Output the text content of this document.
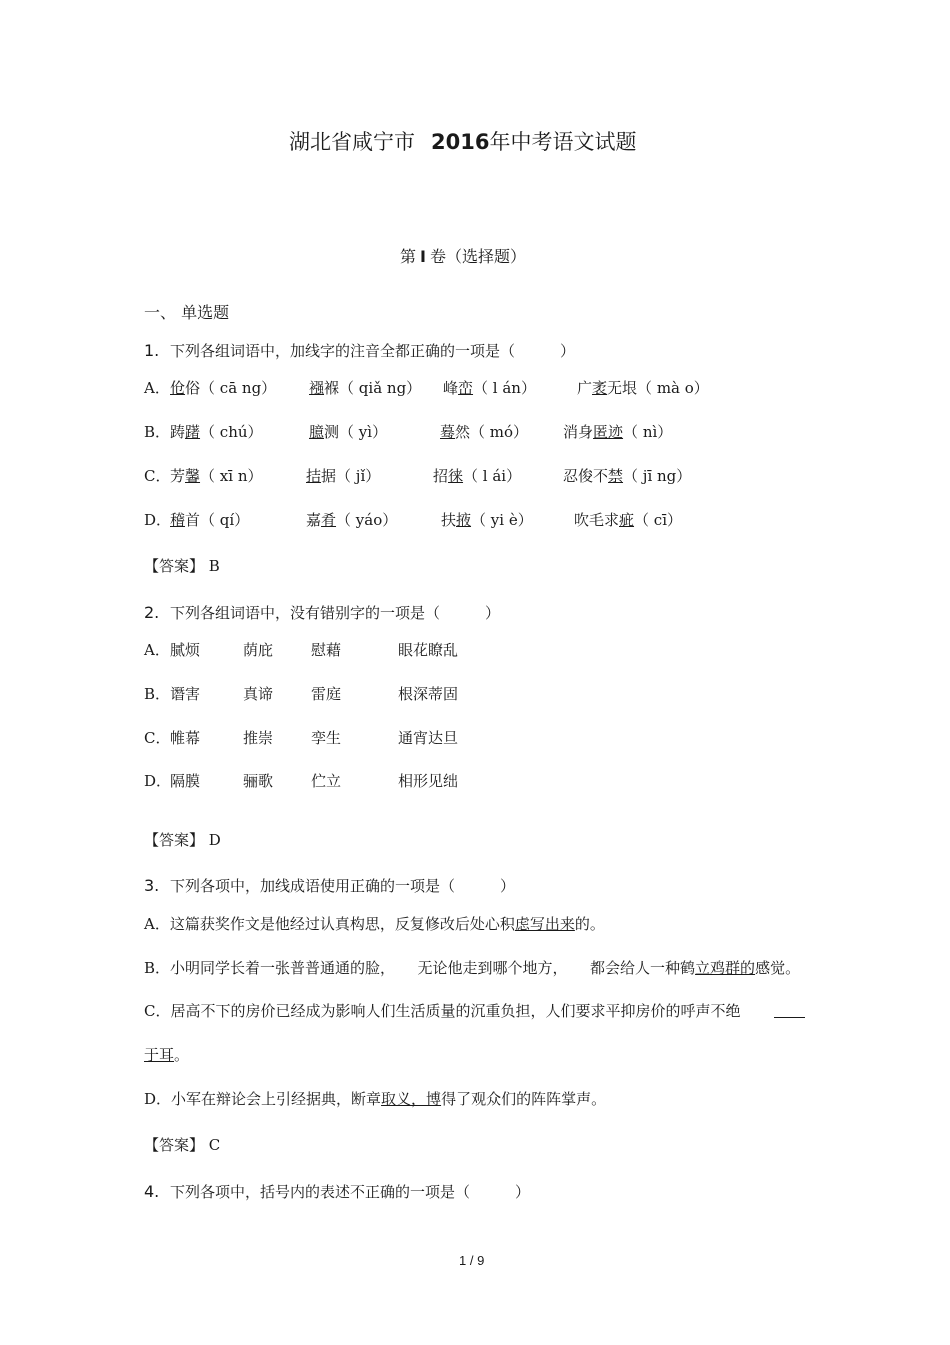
湖北省咸宁市 2016年中考语文试题
第 I 卷（选择题）
一、 单选题
1. 下列各组词语中，加线字的注音全都正确的一项是（　　　）
A． 伧俗（ cā ng） 襁褓（ qiǎ ng） 峰峦（ l án）	广袤无垠（ mà o）
B． 踌躇（ chú）	臆测（ yì）	蓦然（ mó） 消身匿迹（ nì）
C． 芳馨（ xī n）	拮据（ jǐ）	招徕（ l ái）	忍俊不禁（ jī ng）
D．
稽首（ qí）	嘉肴（ yáo）	扶掖（ yi è）	吹毛求疵（ cī）
【答案】 B
2. 下列各组词语中，没有错别字的一项是（　　　）
A． 腻烦	荫庇	慰藉	眼花瞭乱
B． 谮害	真谛	雷庭	根深蒂固
C． 帷幕	推崇	孪生	通宵达旦
D．
隔膜	骊歌	伫立	相形见绌
【答案】 D
3. 下列各项中，加线成语使用正确的一项是（　　　）
A．这篇获奖作文是他经过认真构思，反复修改后处心积虑写出来的。
B．小明同学长着一张普普通通的脸，　　无论他走到哪个地方，　　都会给人一种鹤立鸡群的感觉。
C．居高不下的房价已经成为影响人们生活质量的沉重负担，人们要求平抑房价的呼声不绝
于耳。
D．小军在辩论会上引经据典，断章取义，博得了观众们的阵阵掌声。
【答案】 C
4. 下列各项中，括号内的表述不正确的一项是（　　　）
1 / 9
